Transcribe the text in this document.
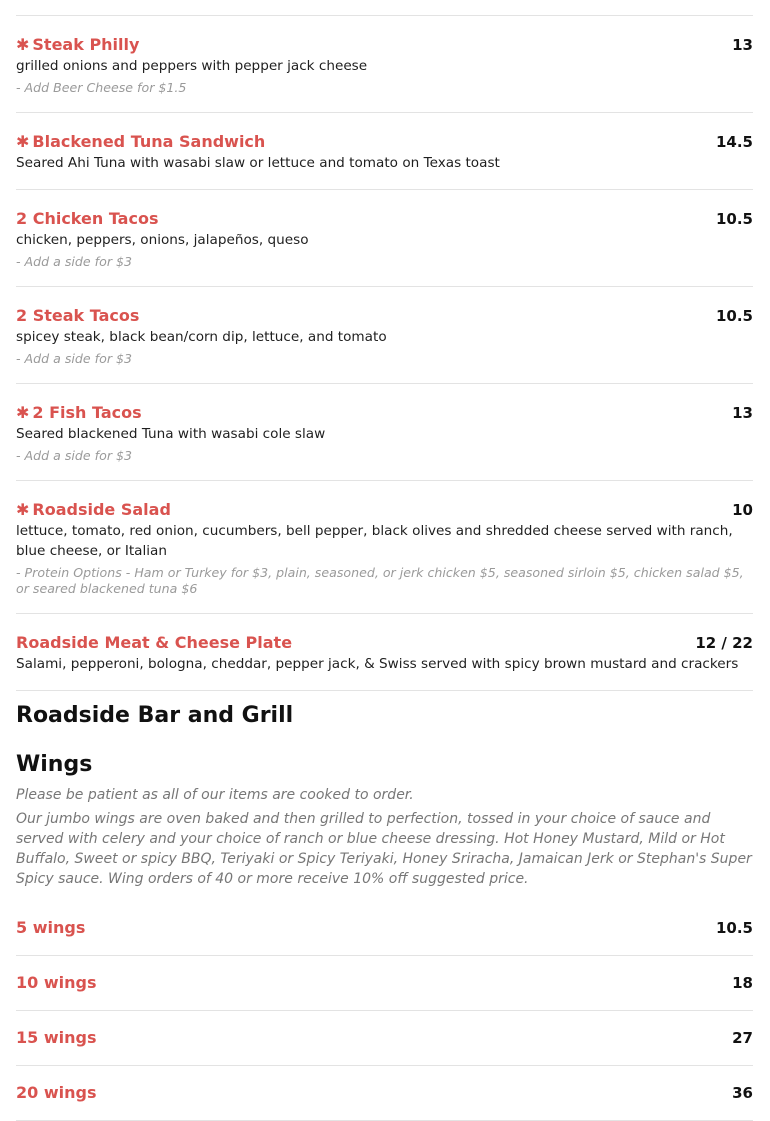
✱ Steak Philly	13
grilled onions and peppers with pepper jack cheese
- Add Beer Cheese for $1.5
✱ Blackened Tuna Sandwich	14.5
Seared Ahi Tuna with wasabi slaw or lettuce and tomato on Texas toast
2 Chicken Tacos	10.5
chicken, peppers, onions, jalapeños, queso
- Add a side for $3
2 Steak Tacos	10.5
spicey steak, black bean/corn dip, lettuce, and tomato
- Add a side for $3
✱ 2 Fish Tacos	13
Seared blackened Tuna with wasabi cole slaw
- Add a side for $3
✱ Roadside Salad	10
lettuce, tomato, red onion, cucumbers, bell pepper, black olives and shredded cheese served with ranch, blue cheese, or Italian
- Protein Options - Ham or Turkey for $3, plain, seasoned, or jerk chicken $5, seasoned sirloin $5, chicken salad $5, or seared blackened tuna $6
Roadside Meat & Cheese Plate	12 / 22
Salami, pepperoni, bologna, cheddar, pepper jack, & Swiss served with spicy brown mustard and crackers
Roadside Bar and Grill
Wings
Please be patient as all of our items are cooked to order.
Our jumbo wings are oven baked and then grilled to perfection, tossed in your choice of sauce and served with celery and your choice of ranch or blue cheese dressing. Hot Honey Mustard, Mild or Hot Buffalo, Sweet or spicy BBQ, Teriyaki or Spicy Teriyaki, Honey Sriracha, Jamaican Jerk or Stephan's Super Spicy sauce. Wing orders of 40 or more receive 10% off suggested price.
5 wings	10.5
10 wings	18
15 wings	27
20 wings	36
